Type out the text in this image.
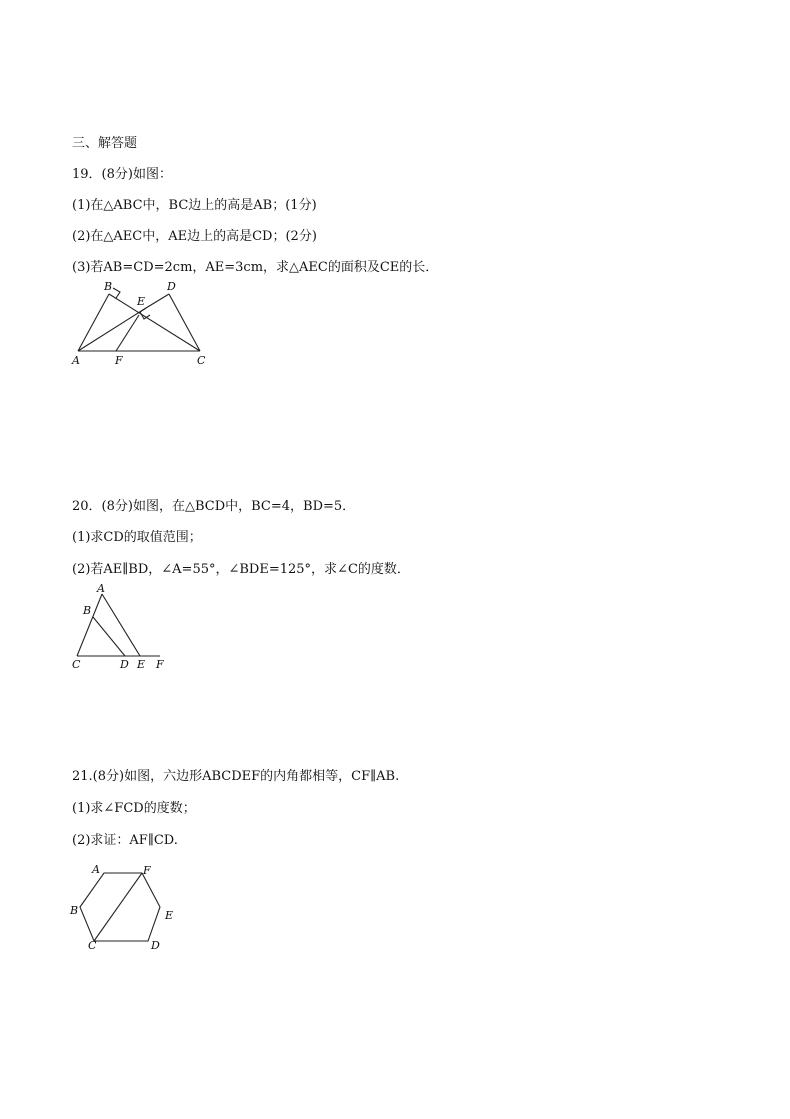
三、解答题
19．(8分)如图：
(1)在△ABC中，BC边上的高是AB；(1分)
(2)在△AEC中，AE边上的高是CD；(2分)
(3)若AB=CD=2cm，AE=3cm，求△AEC的面积及CE的长．
B	D
E
A	F	C
20．(8分)如图，在△BCD中，BC=4，BD=5．
(1)求CD的取值范围；
(2)若AE∥BD，∠A=55°，∠BDE=125°，求∠C的度数．
A
B
C	D E F
21.(8分)如图，六边形ABCDEF的内角都相等，CF∥AB.
(1)求∠FCD的度数；
(2)求证：AF∥CD.
A	F
B	E
C	D
